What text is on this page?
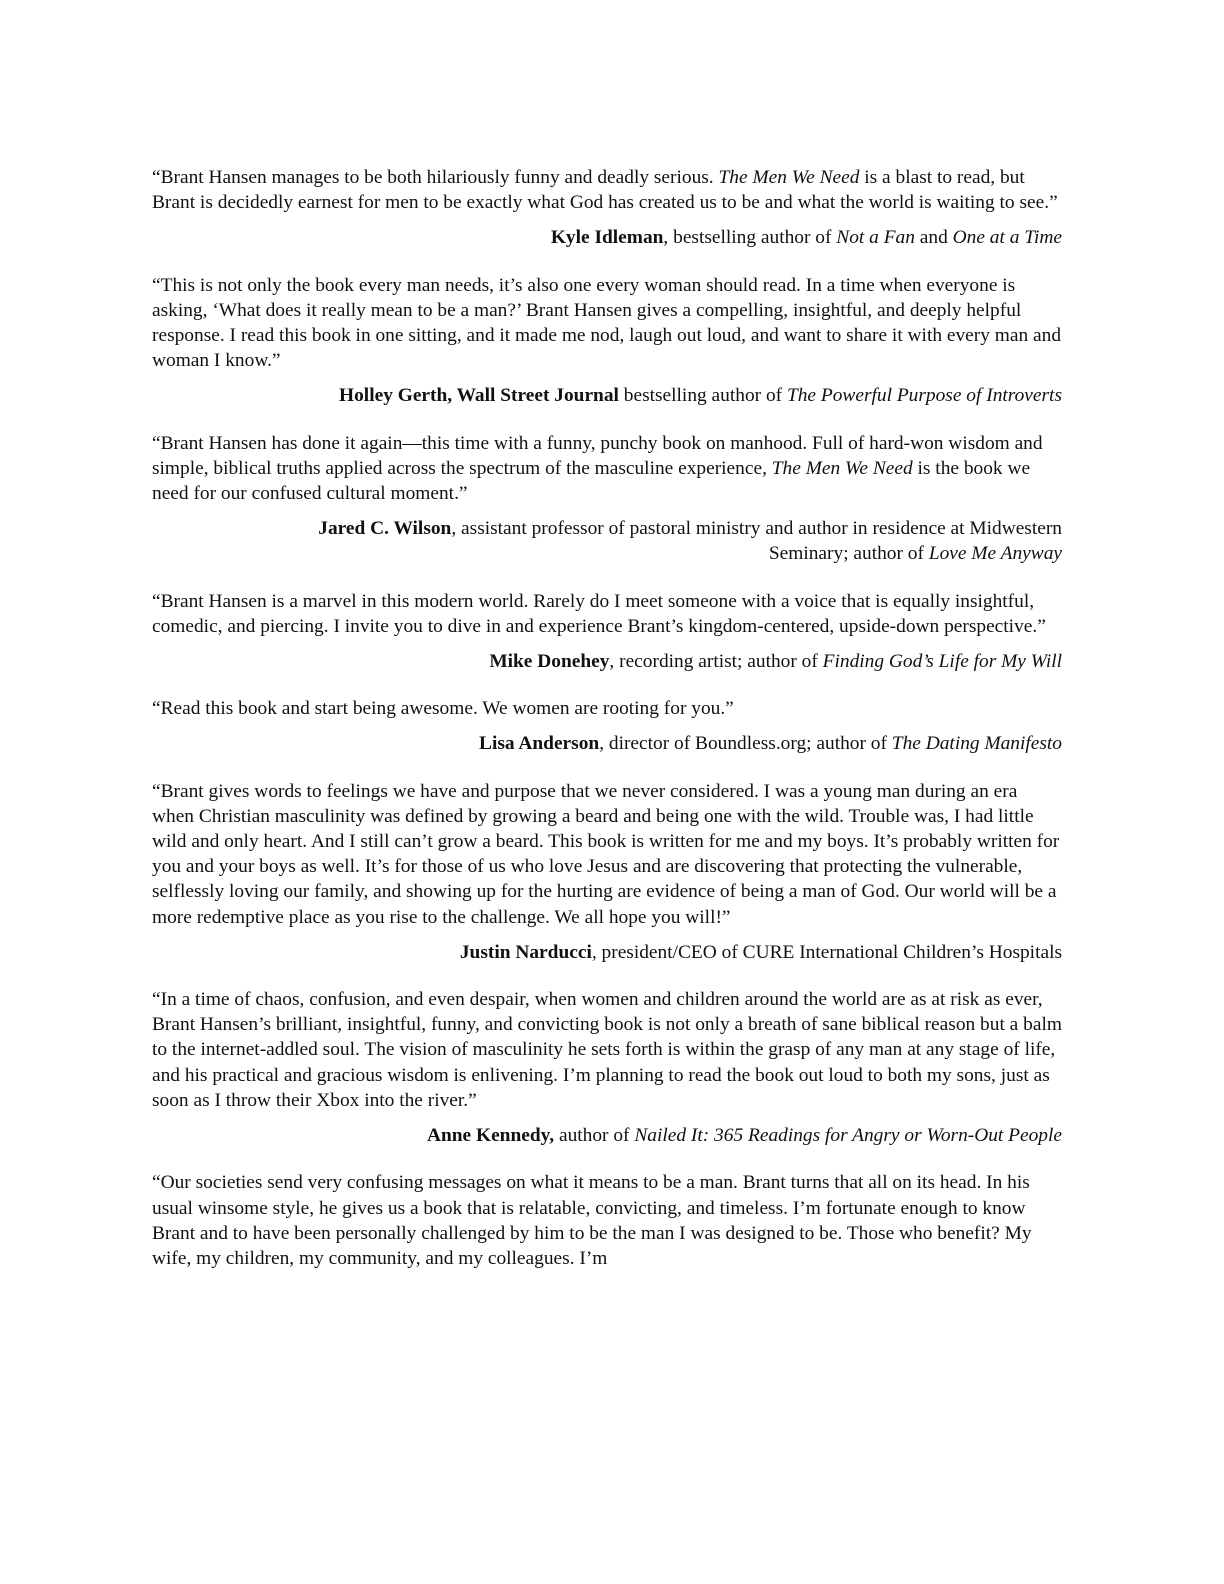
“Brant Hansen manages to be both hilariously funny and deadly serious. The Men We Need is a blast to read, but Brant is decidedly earnest for men to be exactly what God has created us to be and what the world is waiting to see.”

Kyle Idleman, bestselling author of Not a Fan and One at a Time

“This is not only the book every man needs, it’s also one every woman should read. In a time when everyone is asking, ‘What does it really mean to be a man?’ Brant Hansen gives a compelling, insightful, and deeply helpful response. I read this book in one sitting, and it made me nod, laugh out loud, and want to share it with every man and woman I know.”

Holley Gerth, Wall Street Journal bestselling author of The Powerful Purpose of Introverts

“Brant Hansen has done it again—this time with a funny, punchy book on manhood. Full of hard-won wisdom and simple, biblical truths applied across the spectrum of the masculine experience, The Men We Need is the book we need for our confused cultural moment.”

Jared C. Wilson, assistant professor of pastoral ministry and author in residence at Midwestern Seminary; author of Love Me Anyway

“Brant Hansen is a marvel in this modern world. Rarely do I meet someone with a voice that is equally insightful, comedic, and piercing. I invite you to dive in and experience Brant’s kingdom-centered, upside-down perspective.”

Mike Donehey, recording artist; author of Finding God’s Life for My Will

“Read this book and start being awesome. We women are rooting for you.”

Lisa Anderson, director of Boundless.org; author of The Dating Manifesto

“Brant gives words to feelings we have and purpose that we never considered. I was a young man during an era when Christian masculinity was defined by growing a beard and being one with the wild. Trouble was, I had little wild and only heart. And I still can’t grow a beard. This book is written for me and my boys. It’s probably written for you and your boys as well. It’s for those of us who love Jesus and are discovering that protecting the vulnerable, selflessly loving our family, and showing up for the hurting are evidence of being a man of God. Our world will be a more redemptive place as you rise to the challenge. We all hope you will!”

Justin Narducci, president/CEO of CURE International Children’s Hospitals

“In a time of chaos, confusion, and even despair, when women and children around the world are as at risk as ever, Brant Hansen’s brilliant, insightful, funny, and convicting book is not only a breath of sane biblical reason but a balm to the internet-addled soul. The vision of masculinity he sets forth is within the grasp of any man at any stage of life, and his practical and gracious wisdom is enlivening. I’m planning to read the book out loud to both my sons, just as soon as I throw their Xbox into the river.”

Anne Kennedy, author of Nailed It: 365 Readings for Angry or Worn-Out People

“Our societies send very confusing messages on what it means to be a man. Brant turns that all on its head. In his usual winsome style, he gives us a book that is relatable, convicting, and timeless. I’m fortunate enough to know Brant and to have been personally challenged by him to be the man I was designed to be. Those who benefit? My wife, my children, my community, and my colleagues. I’m
